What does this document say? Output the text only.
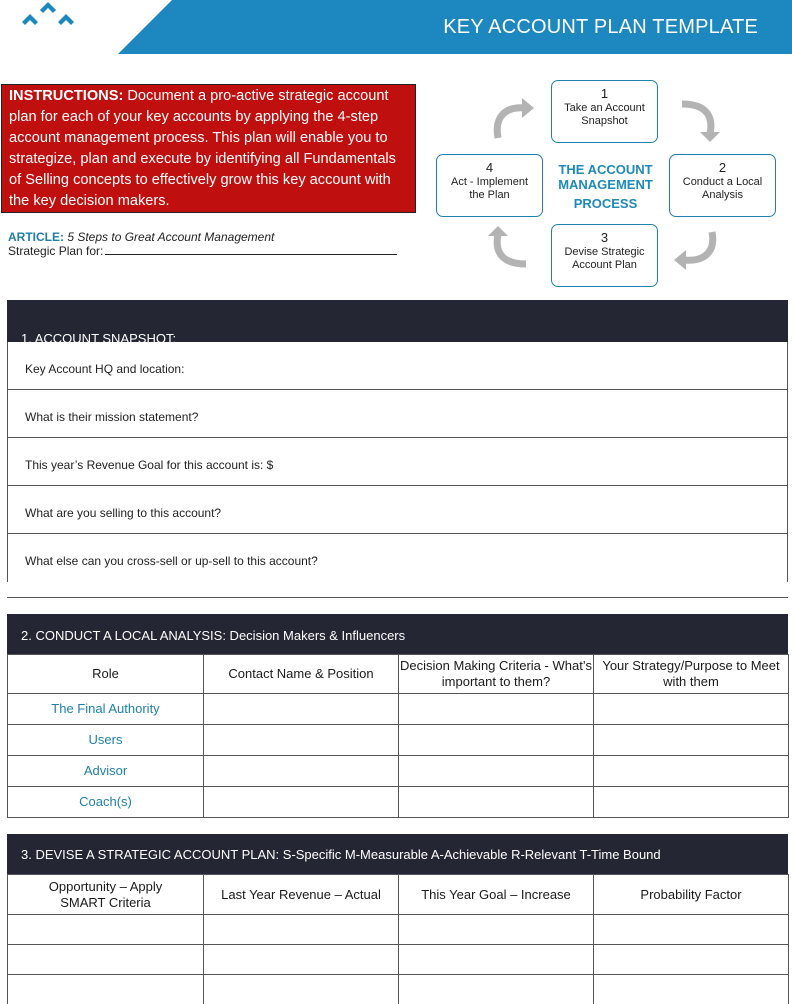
KEY ACCOUNT PLAN TEMPLATE
INSTRUCTIONS: Document a pro-active strategic account plan for each of your key accounts by applying the 4-step account management process. This plan will enable you to strategize, plan and execute by identifying all Fundamentals of Selling concepts to effectively grow this key account with the key decision makers.
ARTICLE: 5 Steps to Great Account Management
Strategic Plan for:
1
Take an Account
Snapshot
2
Conduct a Local
Analysis
3
Devise Strategic
Account Plan
4
Act - Implement
the Plan
THE ACCOUNT
MANAGEMENT
PROCESS
1. ACCOUNT SNAPSHOT:
Key Account HQ and location:
What is their mission statement?
This year’s Revenue Goal for this account is: $
What are you selling to this account?
What else can you cross-sell or up-sell to this account?
2. CONDUCT A LOCAL ANALYSIS: Decision Makers & Influencers
Role	Contact Name & Position	Decision Making Criteria - What’s important to them?	Your Strategy/Purpose to Meet with them
The Final Authority			
Users			
Advisor			
Coach(s)			
3. DEVISE A STRATEGIC ACCOUNT PLAN: S-Specific M-Measurable A-Achievable R-Relevant T-Time Bound
Opportunity – Apply SMART Criteria	Last Year Revenue – Actual	This Year Goal – Increase	Probability Factor
